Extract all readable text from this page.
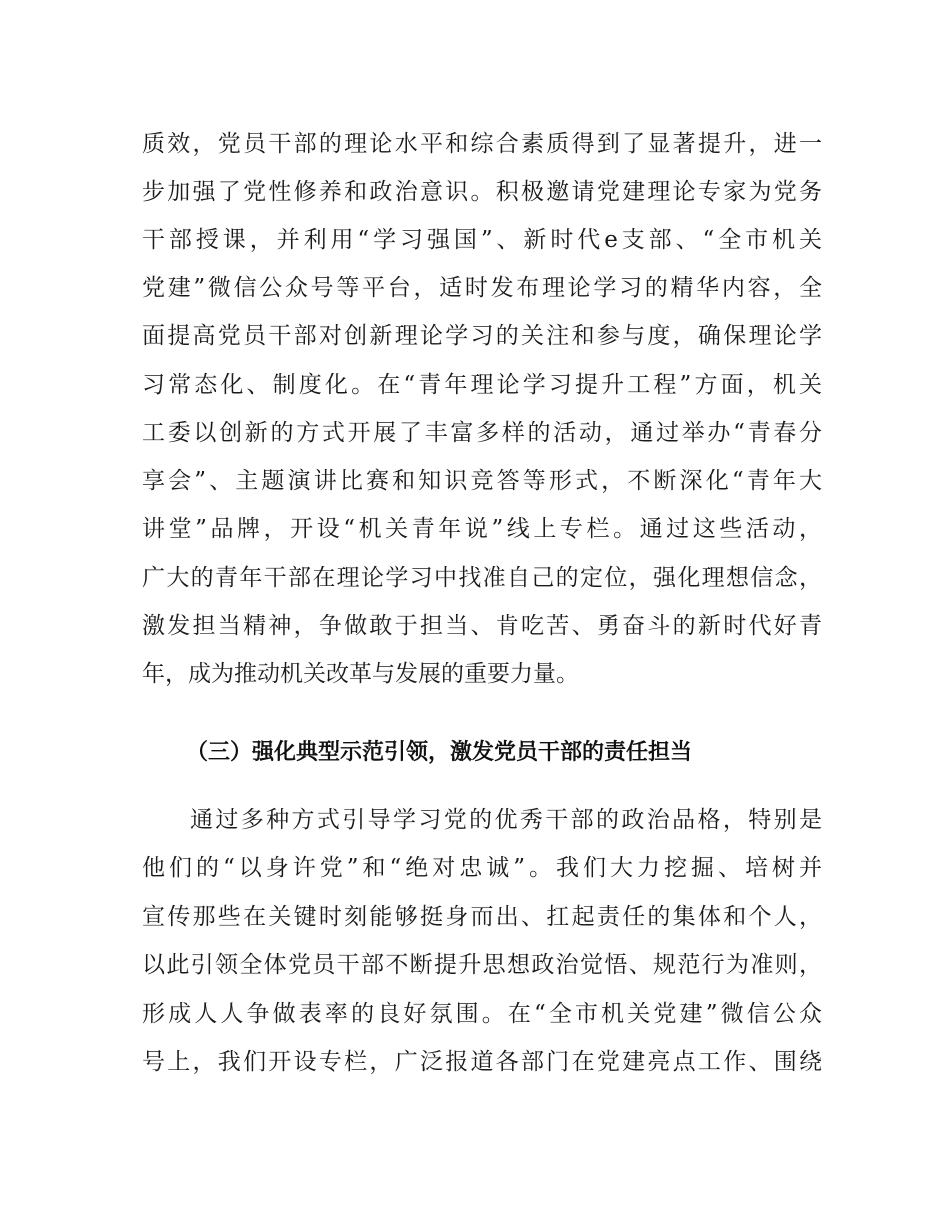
质效，党员干部的理论水平和综合素质得到了显著提升，进一

步加强了党性修养和政治意识。积极邀请党建理论专家为党务

干部授课，并利用“学习强国”、新时代e支部、“全市机关

党建”微信公众号等平台，适时发布理论学习的精华内容，全

面提高党员干部对创新理论学习的关注和参与度，确保理论学

习常态化、制度化。在“青年理论学习提升工程”方面，机关

工委以创新的方式开展了丰富多样的活动，通过举办“青春分

享会”、主题演讲比赛和知识竞答等形式，不断深化“青年大

讲堂”品牌，开设“机关青年说”线上专栏。通过这些活动，

广大的青年干部在理论学习中找准自己的定位，强化理想信念，

激发担当精神，争做敢于担当、肯吃苦、勇奋斗的新时代好青

年，成为推动机关改革与发展的重要力量。

（三）强化典型示范引领，激发党员干部的责任担当

通过多种方式引导学习党的优秀干部的政治品格，特别是

他们的“以身许党”和“绝对忠诚”。我们大力挖掘、培树并

宣传那些在关键时刻能够挺身而出、扛起责任的集体和个人，

以此引领全体党员干部不断提升思想政治觉悟、规范行为准则，

形成人人争做表率的良好氛围。在“全市机关党建”微信公众

号上，我们开设专栏，广泛报道各部门在党建亮点工作、围绕
